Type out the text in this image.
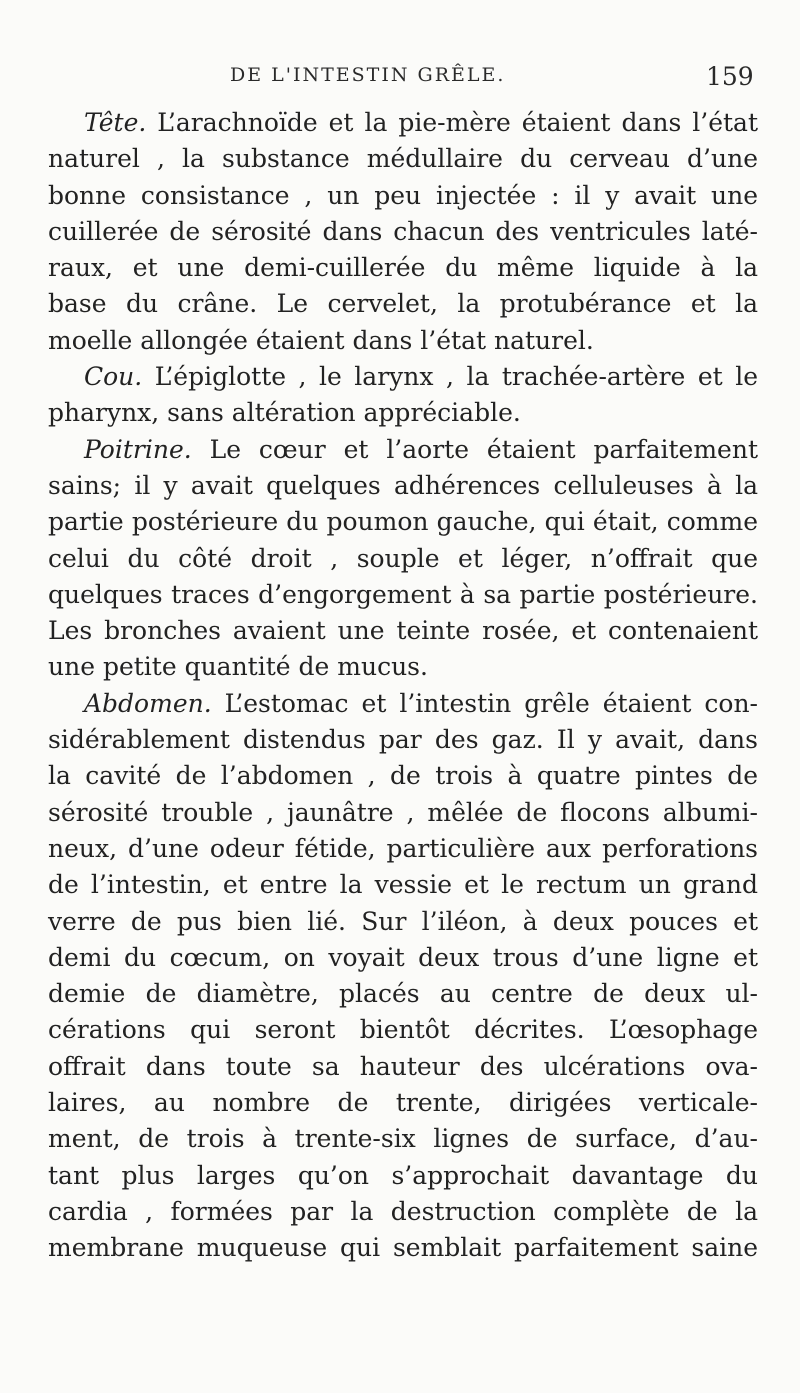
DE L'INTESTIN GRÊLE.	159
Tête. L’arachnoïde et la pie-mère étaient dans l’état
naturel , la substance médullaire du cerveau d’une
bonne consistance , un peu injectée : il y avait une
cuillerée de sérosité dans chacun des ventricules laté-
raux, et une demi-cuillerée du même liquide à la
base du crâne. Le cervelet, la protubérance et la
moelle allongée étaient dans l’état naturel.
Cou. L’épiglotte , le larynx , la trachée-artère et le
pharynx, sans altération appréciable.
Poitrine. Le cœur et l’aorte étaient parfaitement
sains; il y avait quelques adhérences celluleuses à la
partie postérieure du poumon gauche, qui était, comme
celui du côté droit , souple et léger, n’offrait que
quelques traces d’engorgement à sa partie postérieure.
Les bronches avaient une teinte rosée, et contenaient
une petite quantité de mucus.
Abdomen. L’estomac et l’intestin grêle étaient con-
sidérablement distendus par des gaz. Il y avait, dans
la cavité de l’abdomen , de trois à quatre pintes de
sérosité trouble , jaunâtre , mêlée de flocons albumi-
neux, d’une odeur fétide, particulière aux perforations
de l’intestin, et entre la vessie et le rectum un grand
verre de pus bien lié. Sur l’iléon, à deux pouces et
demi du cœcum, on voyait deux trous d’une ligne et
demie de diamètre, placés au centre de deux ul-
cérations qui seront bientôt décrites. L’œsophage
offrait dans toute sa hauteur des ulcérations ova-
laires, au nombre de trente, dirigées verticale-
ment, de trois à trente-six lignes de surface, d’au-
tant plus larges qu’on s’approchait davantage du
cardia , formées par la destruction complète de la
membrane muqueuse qui semblait parfaitement saine
